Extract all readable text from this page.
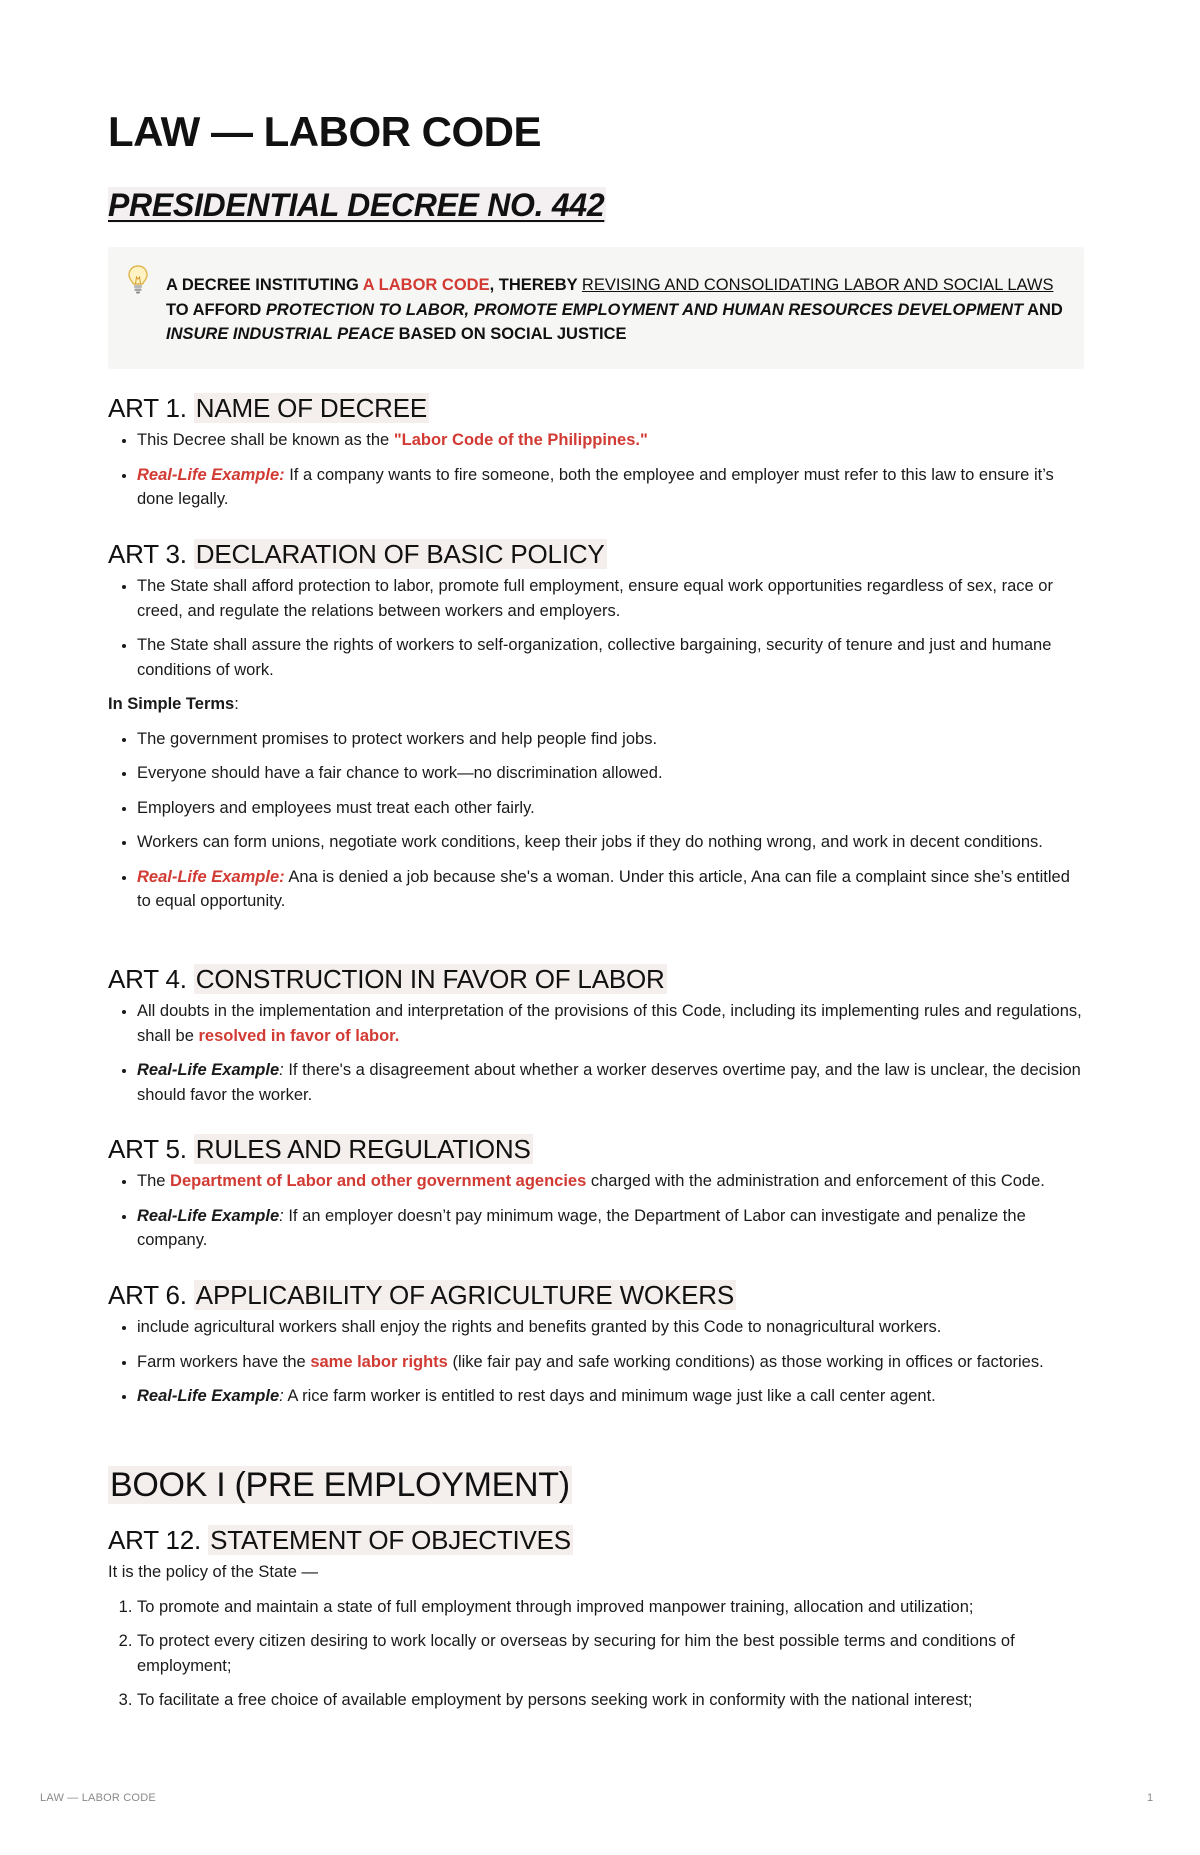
LAW — LABOR CODE
PRESIDENTIAL DECREE NO. 442
A DECREE INSTITUTING A LABOR CODE, THEREBY REVISING AND CONSOLIDATING LABOR AND SOCIAL LAWS TO AFFORD PROTECTION TO LABOR, PROMOTE EMPLOYMENT AND HUMAN RESOURCES DEVELOPMENT AND INSURE INDUSTRIAL PEACE BASED ON SOCIAL JUSTICE
ART 1. NAME OF DECREE
• This Decree shall be known as the "Labor Code of the Philippines."
• Real-Life Example: If a company wants to fire someone, both the employee and employer must refer to this law to ensure it’s done legally.
ART 3. DECLARATION OF BASIC POLICY
• The State shall afford protection to labor, promote full employment, ensure equal work opportunities regardless of sex, race or creed, and regulate the relations between workers and employers.
• The State shall assure the rights of workers to self-organization, collective bargaining, security of tenure and just and humane conditions of work.

In Simple Terms:

• The government promises to protect workers and help people find jobs.
• Everyone should have a fair chance to work—no discrimination allowed.
• Employers and employees must treat each other fairly.
• Workers can form unions, negotiate work conditions, keep their jobs if they do nothing wrong, and work in decent conditions.
• Real-Life Example: Ana is denied a job because she's a woman. Under this article, Ana can file a complaint since she’s entitled to equal opportunity.
ART 4. CONSTRUCTION IN FAVOR OF LABOR
• All doubts in the implementation and interpretation of the provisions of this Code, including its implementing rules and regulations, shall be resolved in favor of labor.
• Real-Life Example: If there's a disagreement about whether a worker deserves overtime pay, and the law is unclear, the decision should favor the worker.
ART 5. RULES AND REGULATIONS
• The Department of Labor and other government agencies charged with the administration and enforcement of this Code.
• Real-Life Example: If an employer doesn’t pay minimum wage, the Department of Labor can investigate and penalize the company.
ART 6. APPLICABILITY OF AGRICULTURE WOKERS
• include agricultural workers shall enjoy the rights and benefits granted by this Code to nonagricultural workers.
• Farm workers have the same labor rights (like fair pay and safe working conditions) as those working in offices or factories.
• Real-Life Example: A rice farm worker is entitled to rest days and minimum wage just like a call center agent.
BOOK I (PRE EMPLOYMENT)
ART 12. STATEMENT OF OBJECTIVES

It is the policy of the State —

1. To promote and maintain a state of full employment through improved manpower training, allocation and utilization;
2. To protect every citizen desiring to work locally or overseas by securing for him the best possible terms and conditions of employment;
3. To facilitate a free choice of available employment by persons seeking work in conformity with the national interest;
LAW — LABOR CODE	1
